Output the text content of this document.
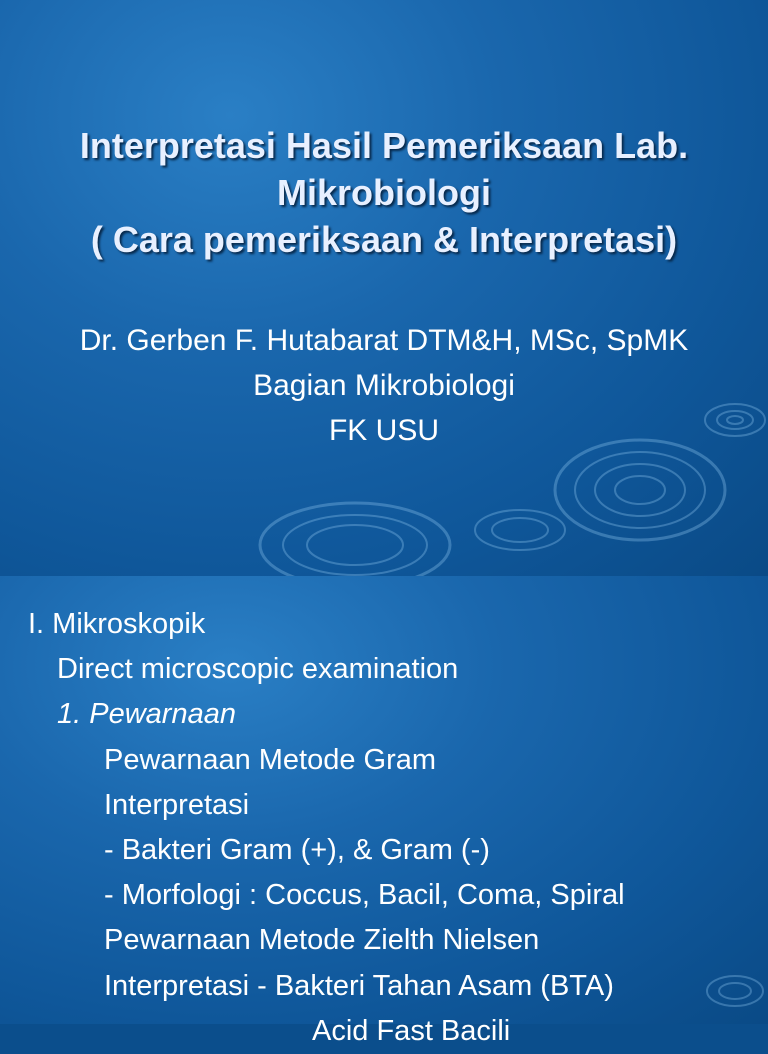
Interpretasi Hasil Pemeriksaan Lab.
Mikrobiologi
( Cara pemeriksaan & Interpretasi)
Dr. Gerben F. Hutabarat DTM&H, MSc, SpMK
Bagian Mikrobiologi
FK USU
I. Mikroskopik
Direct microscopic examination
1. Pewarnaan
Pewarnaan Metode Gram
Interpretasi
- Bakteri Gram (+), & Gram (-)
- Morfologi : Coccus, Bacil, Coma, Spiral
Pewarnaan Metode Zielth Nielsen
Interpretasi - Bakteri Tahan Asam (BTA)
Acid Fast Bacili
